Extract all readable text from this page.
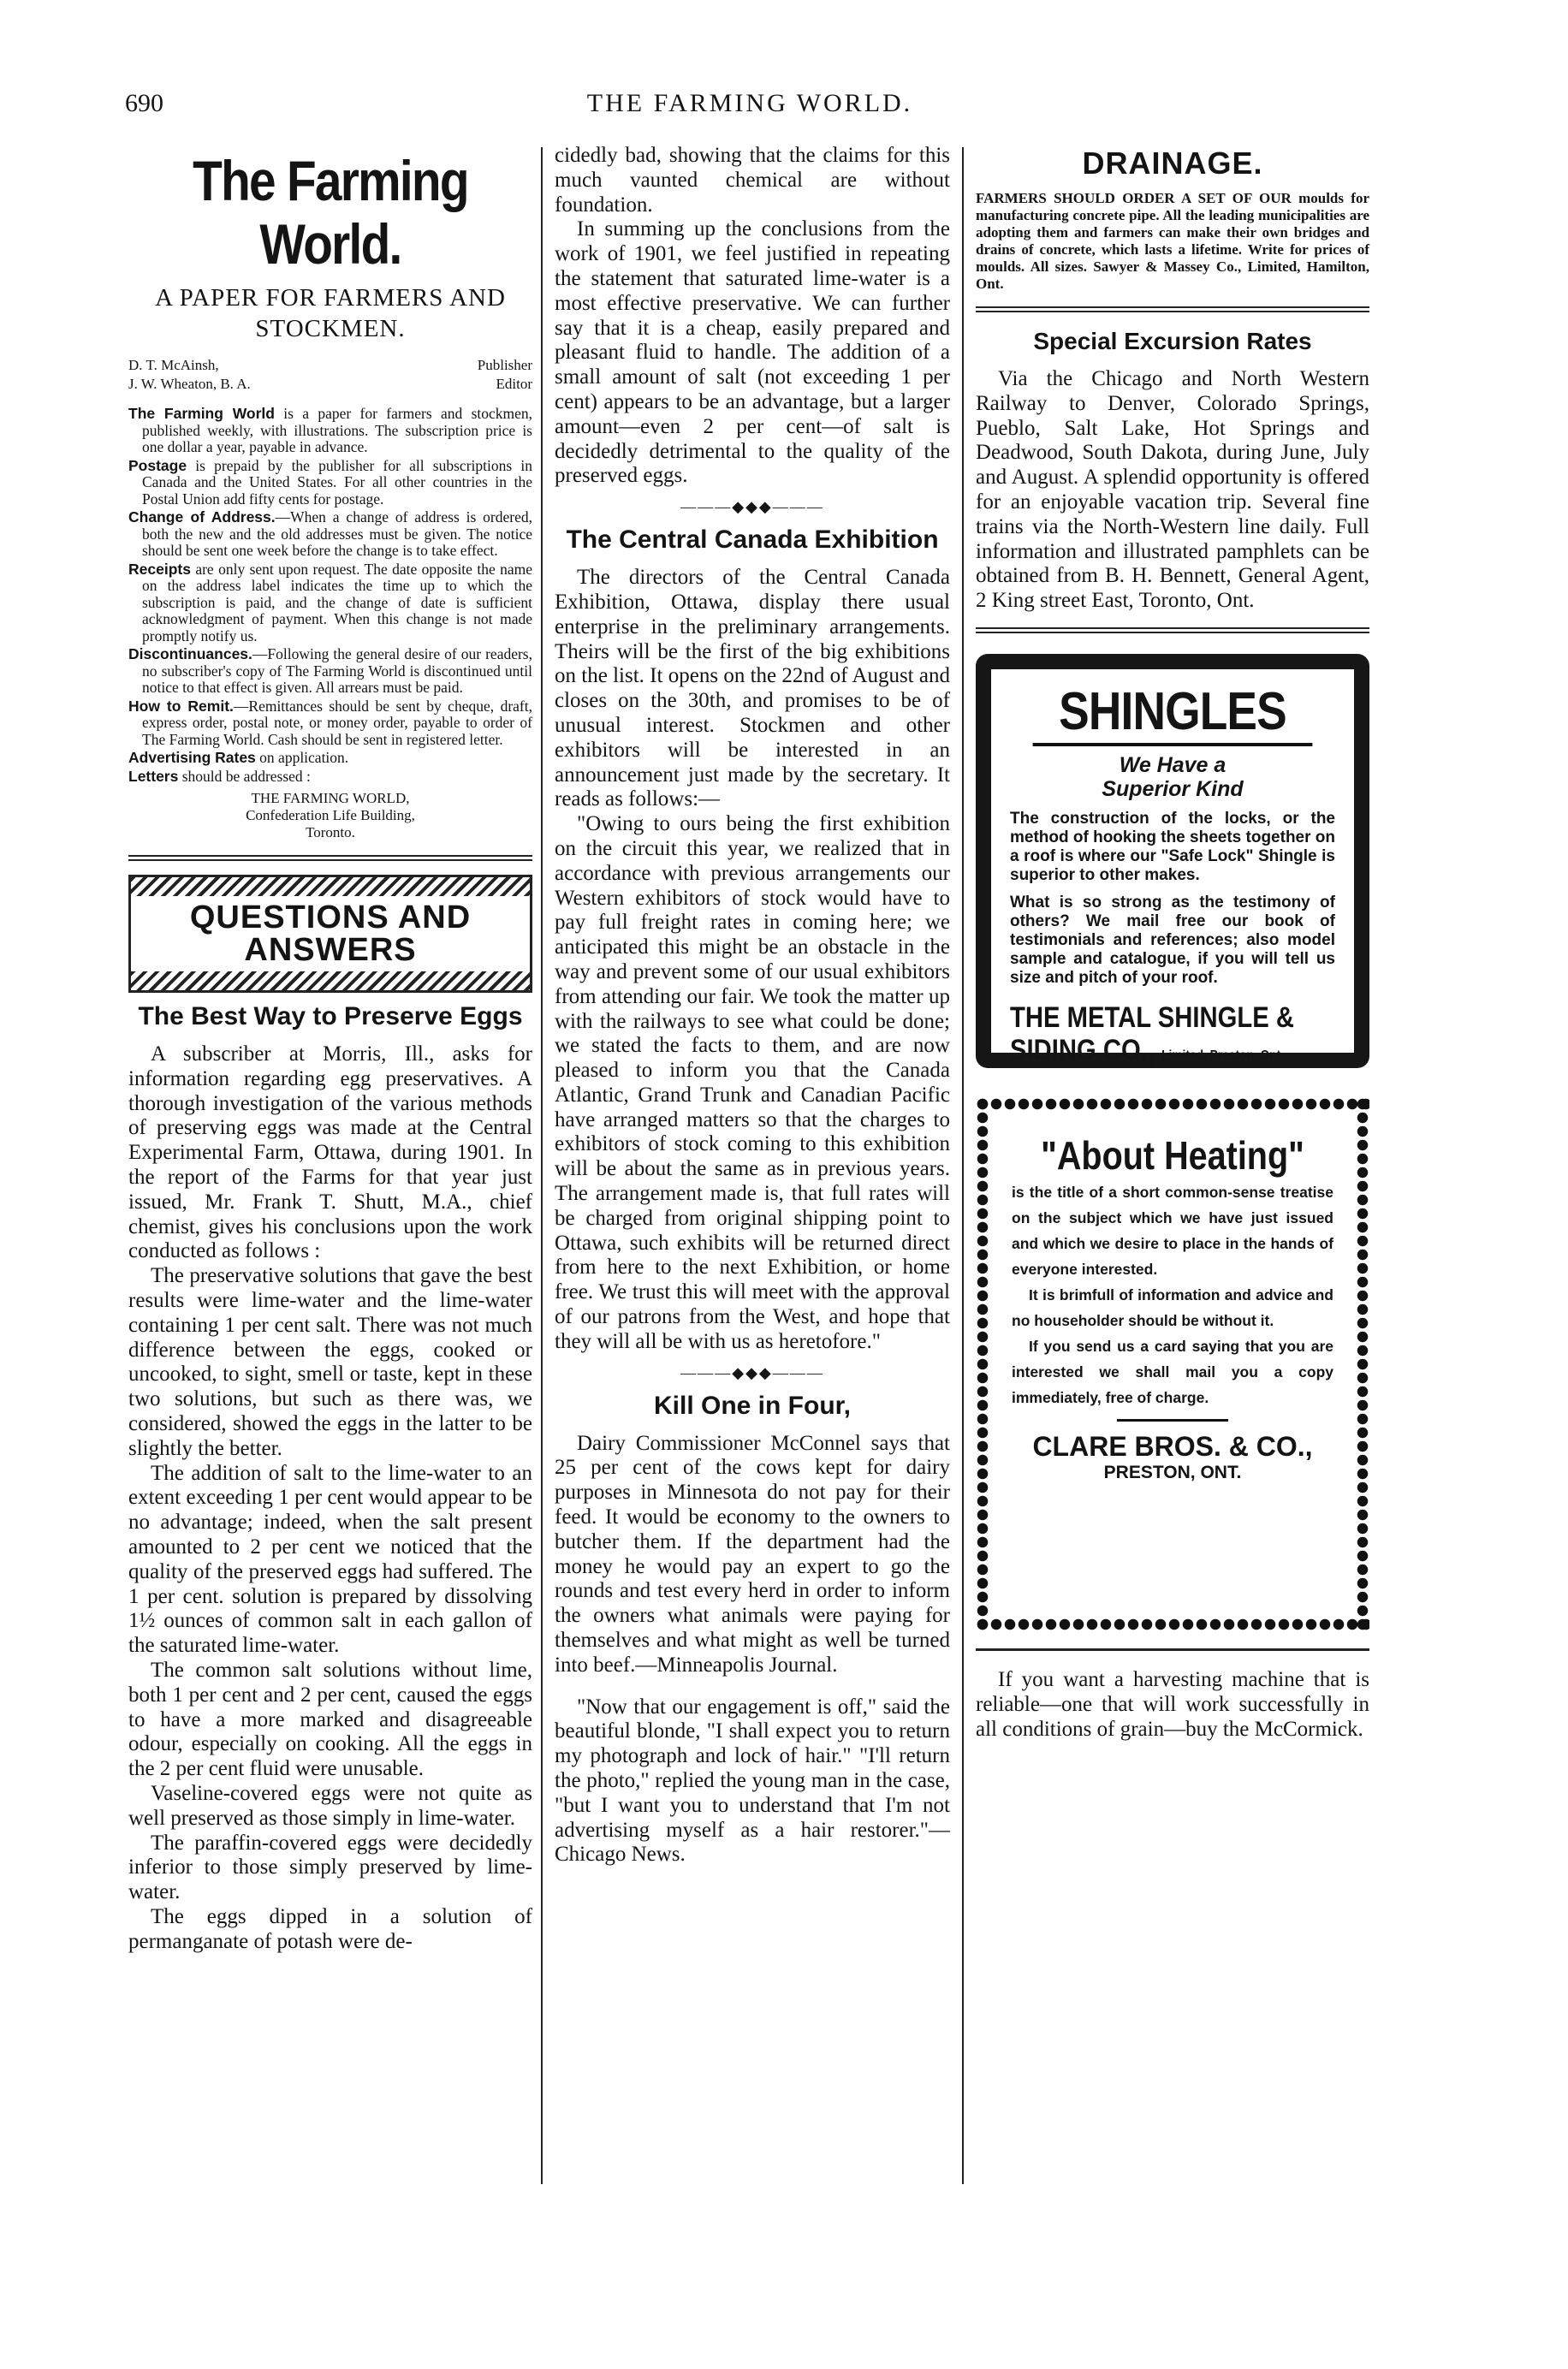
690	THE FARMING WORLD.
The Farming World.
A PAPER FOR FARMERS AND STOCKMEN.
D. T. McAinsh,	Publisher
J. W. Wheaton, B. A.	Editor

The Farming World is a paper for farmers and stockmen, published weekly, with illustrations. The subscription price is one dollar a year, payable in advance.

Postage is prepaid by the publisher for all subscriptions in Canada and the United States. For all other countries in the Postal Union add fifty cents for postage.

Change of Address.—When a change of address is ordered, both the new and the old addresses must be given. The notice should be sent one week before the change is to take effect.

Receipts are only sent upon request. The date opposite the name on the address label indicates the time up to which the subscription is paid, and the change of date is sufficient acknowledgment of payment. When this change is not made promptly notify us.

Discontinuances.—Following the general desire of our readers, no subscriber's copy of The Farming World is discontinued until notice to that effect is given. All arrears must be paid.

How to Remit.—Remittances should be sent by cheque, draft, express order, postal note, or money order, payable to order of The Farming World. Cash should be sent in registered letter.

Advertising Rates on application.

Letters should be addressed :

THE FARMING WORLD,
Confederation Life Building,
Toronto.
QUESTIONS AND
ANSWERS
The Best Way to Preserve Eggs

A subscriber at Morris, Ill., asks for information regarding egg preservatives. A thorough investigation of the various methods of preserving eggs was made at the Central Experimental Farm, Ottawa, during 1901. In the report of the Farms for that year just issued, Mr. Frank T. Shutt, M.A., chief chemist, gives his conclusions upon the work conducted as follows :

The preservative solutions that gave the best results were lime-water and the lime-water containing 1 per cent salt. There was not much difference between the eggs, cooked or uncooked, to sight, smell or taste, kept in these two solutions, but such as there was, we considered, showed the eggs in the latter to be slightly the better.

The addition of salt to the lime-water to an extent exceeding 1 per cent would appear to be no advantage; indeed, when the salt present amounted to 2 per cent we noticed that the quality of the preserved eggs had suffered. The 1 per cent. solution is prepared by dissolving 1½ ounces of common salt in each gallon of the saturated lime-water.

The common salt solutions without lime, both 1 per cent and 2 per cent, caused the eggs to have a more marked and disagreeable odour, especially on cooking. All the eggs in the 2 per cent fluid were unusable.

Vaseline-covered eggs were not quite as well preserved as those simply in lime-water.

The paraffin-covered eggs were decidedly inferior to those simply preserved by lime-water.

The eggs dipped in a solution of permanganate of potash were de-

cidedly bad, showing that the claims for this much vaunted chemical are without foundation.

In summing up the conclusions from the work of 1901, we feel justified in repeating the statement that saturated lime-water is a most effective preservative. We can further say that it is a cheap, easily prepared and pleasant fluid to handle. The addition of a small amount of salt (not exceeding 1 per cent) appears to be an advantage, but a larger amount—even 2 per cent—of salt is decidedly detrimental to the quality of the preserved eggs.

———◆◆◆———
The Central Canada Exhibition

The directors of the Central Canada Exhibition, Ottawa, display there usual enterprise in the preliminary arrangements. Theirs will be the first of the big exhibitions on the list. It opens on the 22nd of August and closes on the 30th, and promises to be of unusual interest. Stockmen and other exhibitors will be interested in an announcement just made by the secretary. It reads as follows:—

"Owing to ours being the first exhibition on the circuit this year, we realized that in accordance with previous arrangements our Western exhibitors of stock would have to pay full freight rates in coming here; we anticipated this might be an obstacle in the way and prevent some of our usual exhibitors from attending our fair. We took the matter up with the railways to see what could be done; we stated the facts to them, and are now pleased to inform you that the Canada Atlantic, Grand Trunk and Canadian Pacific have arranged matters so that the charges to exhibitors of stock coming to this exhibition will be about the same as in previous years. The arrangement made is, that full rates will be charged from original shipping point to Ottawa, such exhibits will be returned direct from here to the next Exhibition, or home free. We trust this will meet with the approval of our patrons from the West, and hope that they will all be with us as heretofore."

———◆◆◆———
Kill One in Four,

Dairy Commissioner McConnel says that 25 per cent of the cows kept for dairy purposes in Minnesota do not pay for their feed. It would be economy to the owners to butcher them. If the department had the money he would pay an expert to go the rounds and test every herd in order to inform the owners what animals were paying for themselves and what might as well be turned into beef.—Minneapolis Journal.

"Now that our engagement is off," said the beautiful blonde, "I shall expect you to return my photograph and lock of hair." "I'll return the photo," replied the young man in the case, "but I want you to understand that I'm not advertising myself as a hair restorer."—Chicago News.

DRAINAGE.
FARMERS SHOULD ORDER A SET OF OUR moulds for manufacturing concrete pipe. All the leading municipalities are adopting them and farmers can make their own bridges and drains of concrete, which lasts a lifetime. Write for prices of moulds. All sizes. Sawyer & Massey Co., Limited, Hamilton, Ont.
Special Excursion Rates

Via the Chicago and North Western Railway to Denver, Colorado Springs, Pueblo, Salt Lake, Hot Springs and Deadwood, South Dakota, during June, July and August. A splendid opportunity is offered for an enjoyable vacation trip. Several fine trains via the North-Western line daily. Full information and illustrated pamphlets can be obtained from B. H. Bennett, General Agent, 2 King street East, Toronto, Ont.

SHINGLES
We Have a
Superior Kind

The construction of the locks, or the method of hooking the sheets together on a roof is where our "Safe Lock" Shingle is superior to other makes.

What is so strong as the testimony of others? We mail free our book of testimonials and references; also model sample and catalogue, if you will tell us size and pitch of your roof.

THE METAL SHINGLE &
SIDING CO., Limited, Preston, Ont.
"About Heating"

is the title of a short common-sense treatise on the subject which we have just issued and which we desire to place in the hands of everyone interested.

It is brimfull of information and advice and no householder should be without it.

If you send us a card saying that you are interested we shall mail you a copy immediately, free of charge.

CLARE BROS. & CO.,
PRESTON, ONT.

If you want a harvesting machine that is reliable—one that will work successfully in all conditions of grain—buy the McCormick.
